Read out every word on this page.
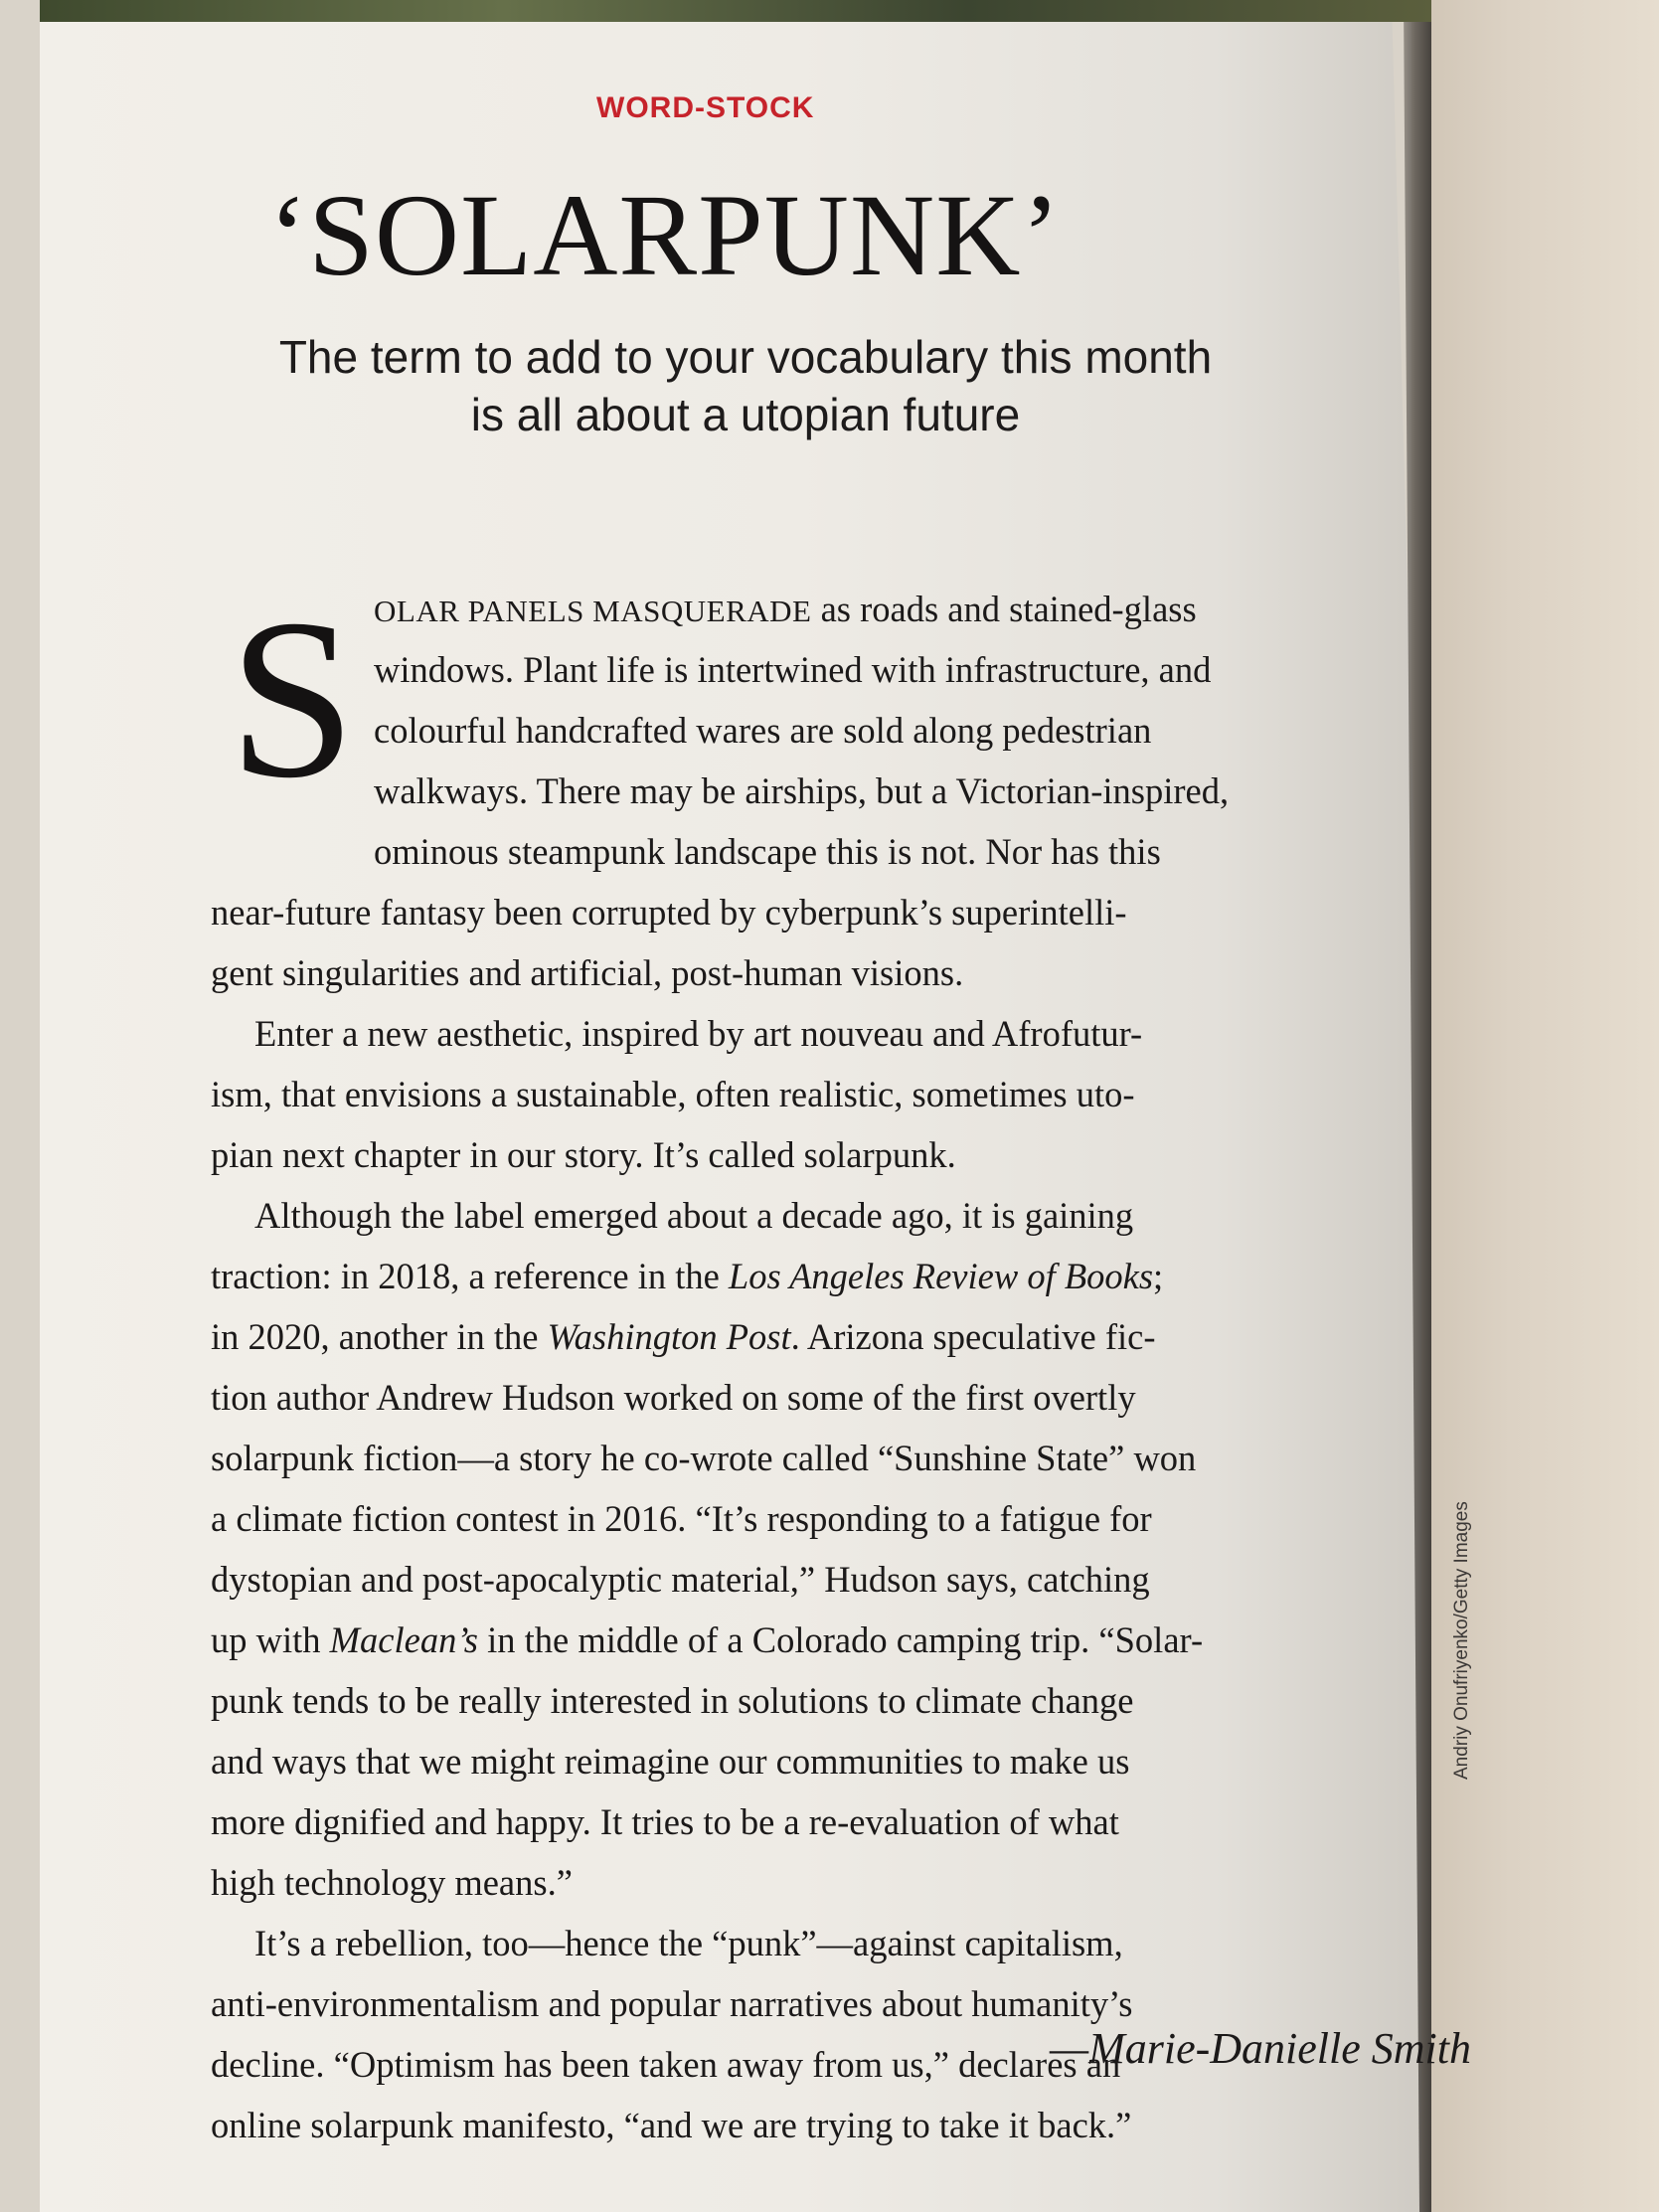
WORD-STOCK
‘SOLARPUNK’
The term to add to your vocabulary this month is all about a utopian future
S OLAR PANELS MASQUERADE as roads and stained-glass
windows. Plant life is intertwined with infrastructure, and
colourful handcrafted wares are sold along pedestrian
walkways. There may be airships, but a Victorian-inspired,
ominous steampunk landscape this is not. Nor has this
near-future fantasy been corrupted by cyberpunk’s superintelli-
gent singularities and artificial, post-human visions.
Enter a new aesthetic, inspired by art nouveau and Afrofutur-
ism, that envisions a sustainable, often realistic, sometimes uto-
pian next chapter in our story. It’s called solarpunk.
Although the label emerged about a decade ago, it is gaining
traction: in 2018, a reference in the Los Angeles Review of Books;
in 2020, another in the Washington Post. Arizona speculative fic-
tion author Andrew Hudson worked on some of the first overtly
solarpunk fiction—a story he co-wrote called “Sunshine State” won
a climate fiction contest in 2016. “It’s responding to a fatigue for
dystopian and post-apocalyptic material,” Hudson says, catching
up with Maclean’s in the middle of a Colorado camping trip. “Solar-
punk tends to be really interested in solutions to climate change
and ways that we might reimagine our communities to make us
more dignified and happy. It tries to be a re-evaluation of what
high technology means.”
It’s a rebellion, too—hence the “punk”—against capitalism,
anti-environmentalism and popular narratives about humanity’s
decline. “Optimism has been taken away from us,” declares an
online solarpunk manifesto, “and we are trying to take it back.”
—Marie-Danielle Smith
Andriy Onufriyenko/Getty Images
